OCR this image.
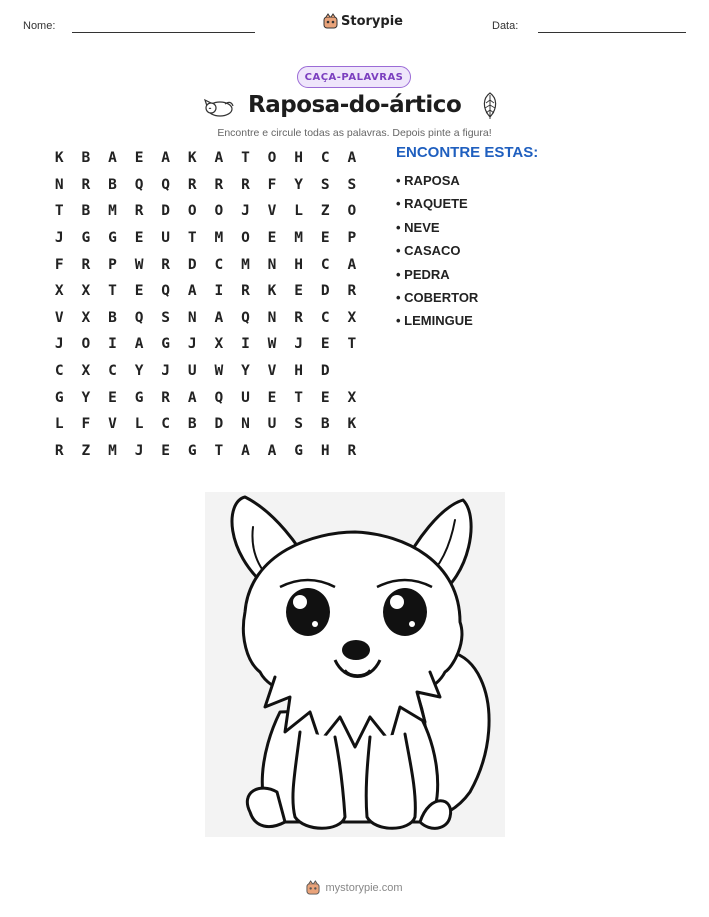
Nome:	Storypie	Data:
CAÇA-PALAVRAS
Raposa-do-ártico
Encontre e circule todas as palavras. Depois pinte a figura!
K	B	A	E	A	K	A	T	O	H	C	A
N	R	B	Q	Q	R	R	R	F	Y	S	S
T	B	M	R	D	O	O	J	V	L	Z	O
J	G	G	E	U	T	M	O	E	M	E	P
F	R	P	W	R	D	C	M	N	H	C	A
X	X	T	E	Q	A	I	R	K	E	D	R
V	X	B	Q	S	N	A	Q	N	R	C	X
J	O	I	A	G	J	X	I	W	J	E	T
C	X	C	Y	J	U	W	Y	V	H	D
G	Y	E	G	R	A	Q	U	E	T	E	X
L	F	V	L	C	B	D	N	U	S	B	K
R	Z	M	J	E	G	T	A	A	G	H	R
ENCONTRE ESTAS:
• RAPOSA
• RAQUETE
• NEVE
• CASACO
• PEDRA
• COBERTOR
• LEMINGUE
mystorypie.com
